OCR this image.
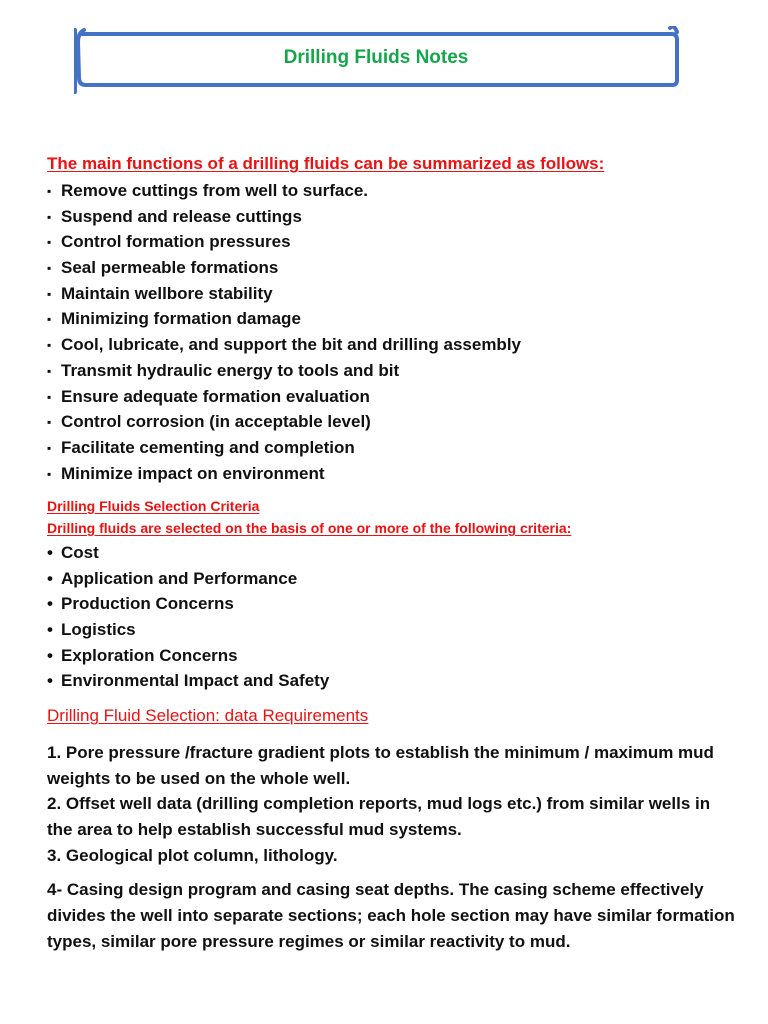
Drilling Fluids Notes
The main functions of a drilling fluids can be summarized as follows:
▪ Remove cuttings from well to surface.
▪ Suspend and release cuttings
▪ Control formation pressures
▪ Seal permeable formations
▪ Maintain wellbore stability
▪ Minimizing formation damage
▪ Cool, lubricate, and support the bit and drilling assembly
▪ Transmit hydraulic energy to tools and bit
▪ Ensure adequate formation evaluation
▪ Control corrosion (in acceptable level)
▪ Facilitate cementing and completion
▪ Minimize impact on environment
Drilling Fluids Selection Criteria
Drilling fluids are selected on the basis of one or more of the following criteria:
• Cost
• Application and Performance
• Production Concerns
• Logistics
• Exploration Concerns
• Environmental Impact and Safety
Drilling Fluid Selection: data Requirements

1. Pore pressure /fracture gradient plots to establish the minimum / maximum mud weights to be used on the whole well.

2. Offset well data (drilling completion reports, mud logs etc.) from similar wells in the area to help establish successful mud systems.

3. Geological plot column, lithology.

4- Casing design program and casing seat depths. The casing scheme effectively divides the well into separate sections; each hole section may have similar formation types, similar pore pressure regimes or similar reactivity to mud.
